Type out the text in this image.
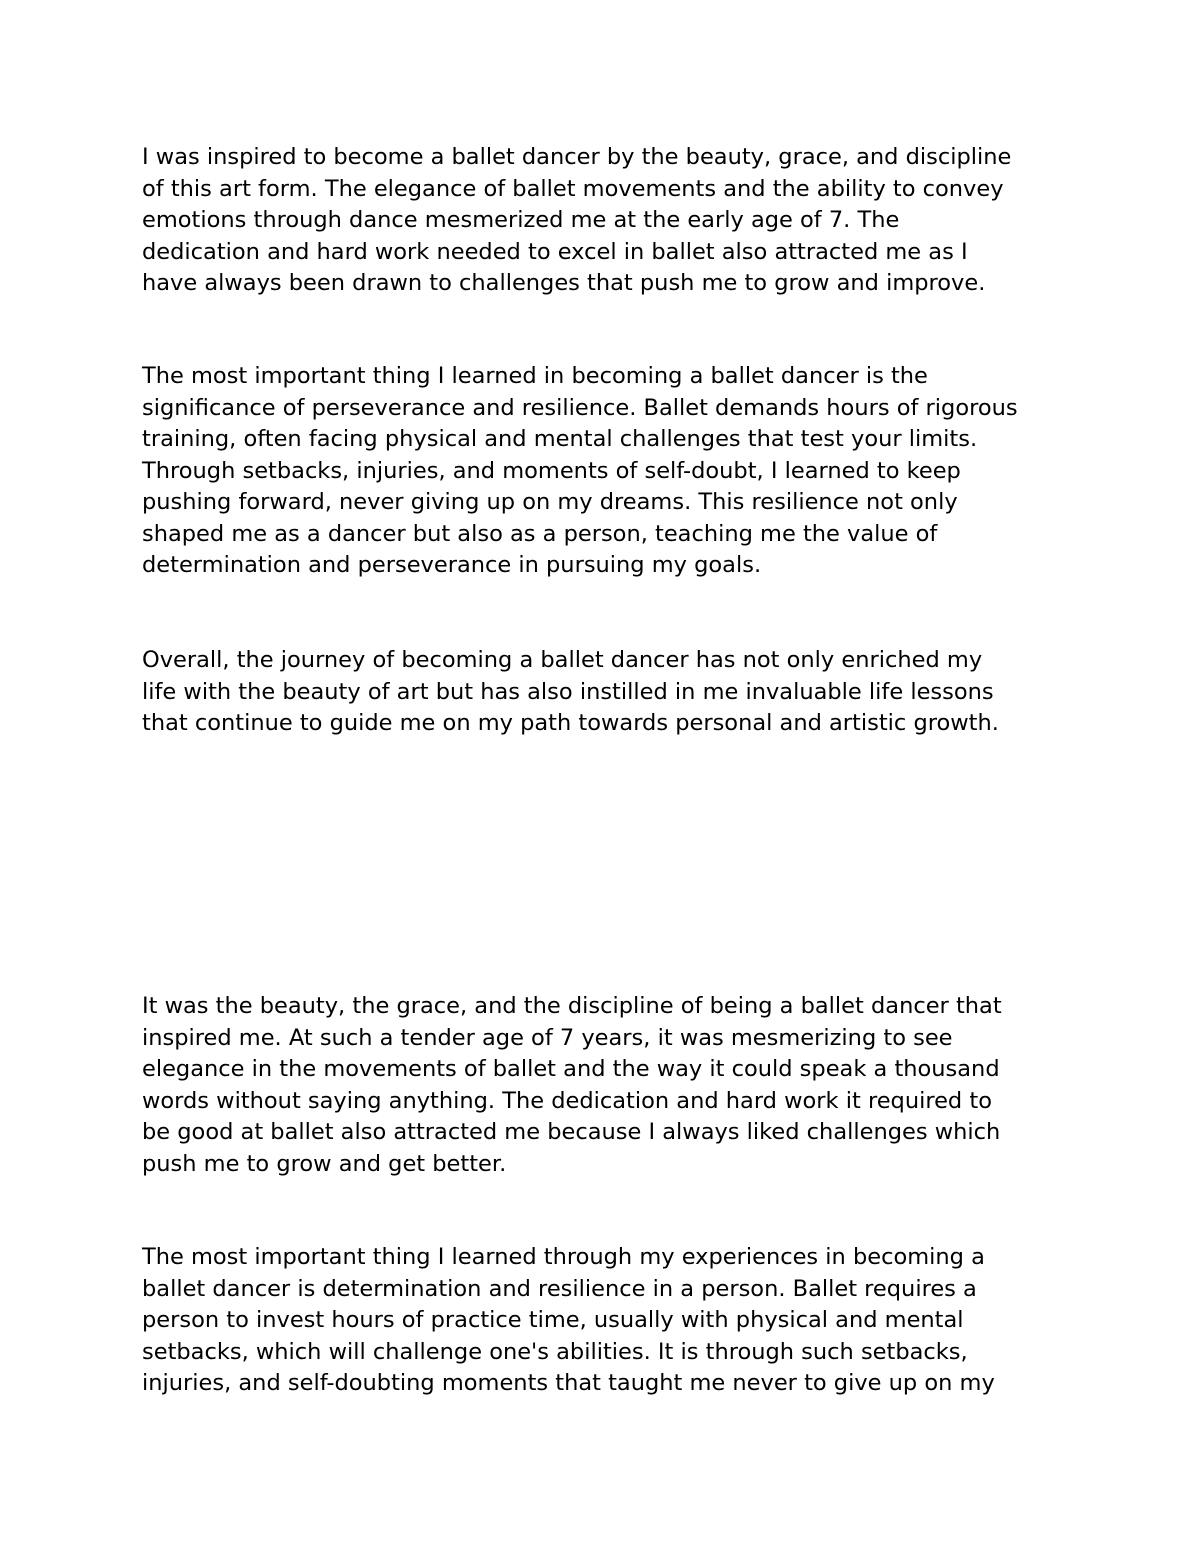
I was inspired to become a ballet dancer by the beauty, grace, and discipline
of this art form. The elegance of ballet movements and the ability to convey
emotions through dance mesmerized me at the early age of 7. The
dedication and hard work needed to excel in ballet also attracted me as I
have always been drawn to challenges that push me to grow and improve.

The most important thing I learned in becoming a ballet dancer is the
significance of perseverance and resilience. Ballet demands hours of rigorous
training, often facing physical and mental challenges that test your limits.
Through setbacks, injuries, and moments of self-doubt, I learned to keep
pushing forward, never giving up on my dreams. This resilience not only
shaped me as a dancer but also as a person, teaching me the value of
determination and perseverance in pursuing my goals.

Overall, the journey of becoming a ballet dancer has not only enriched my
life with the beauty of art but has also instilled in me invaluable life lessons
that continue to guide me on my path towards personal and artistic growth.

It was the beauty, the grace, and the discipline of being a ballet dancer that
inspired me. At such a tender age of 7 years, it was mesmerizing to see
elegance in the movements of ballet and the way it could speak a thousand
words without saying anything. The dedication and hard work it required to
be good at ballet also attracted me because I always liked challenges which
push me to grow and get better.

The most important thing I learned through my experiences in becoming a
ballet dancer is determination and resilience in a person. Ballet requires a
person to invest hours of practice time, usually with physical and mental
setbacks, which will challenge one's abilities. It is through such setbacks,
injuries, and self-doubting moments that taught me never to give up on my
